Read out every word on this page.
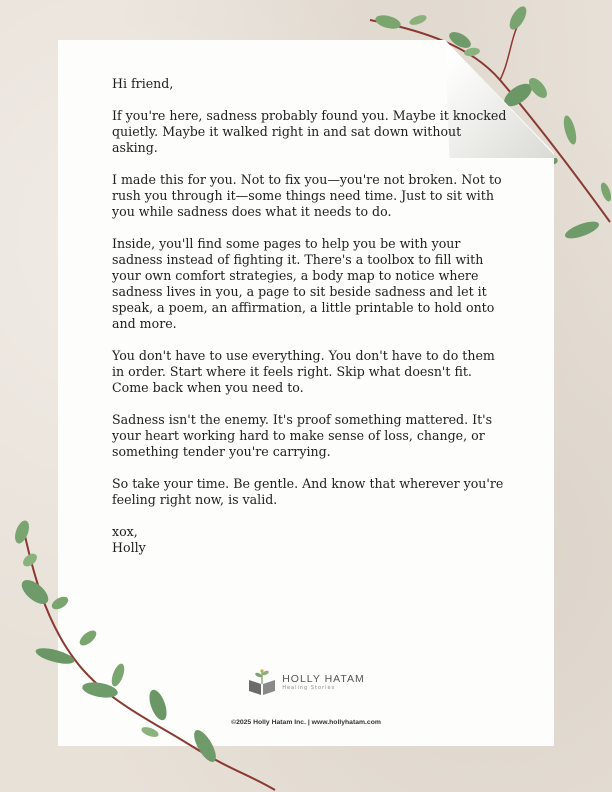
Hi friend,

If you're here, sadness probably found you. Maybe it knocked quietly. Maybe it walked right in and sat down without asking.

I made this for you. Not to fix you—you're not broken. Not to rush you through it—some things need time. Just to sit with you while sadness does what it needs to do.

Inside, you'll find some pages to help you be with your sadness instead of fighting it. There's a toolbox to fill with your own comfort strategies, a body map to notice where sadness lives in you, a page to sit beside sadness and let it speak, a poem, an affirmation, a little printable to hold onto and more.

You don't have to use everything. You don't have to do them in order. Start where it feels right. Skip what doesn't fit. Come back when you need to.

Sadness isn't the enemy. It's proof something mattered. It's your heart working hard to make sense of loss, change, or something tender you're carrying.

So take your time. Be gentle. And know that wherever you're feeling right now, is valid.

xox,

Holly

HOLLY HATAM
Healing Stories
©2025 Holly Hatam Inc. | www.hollyhatam.com
